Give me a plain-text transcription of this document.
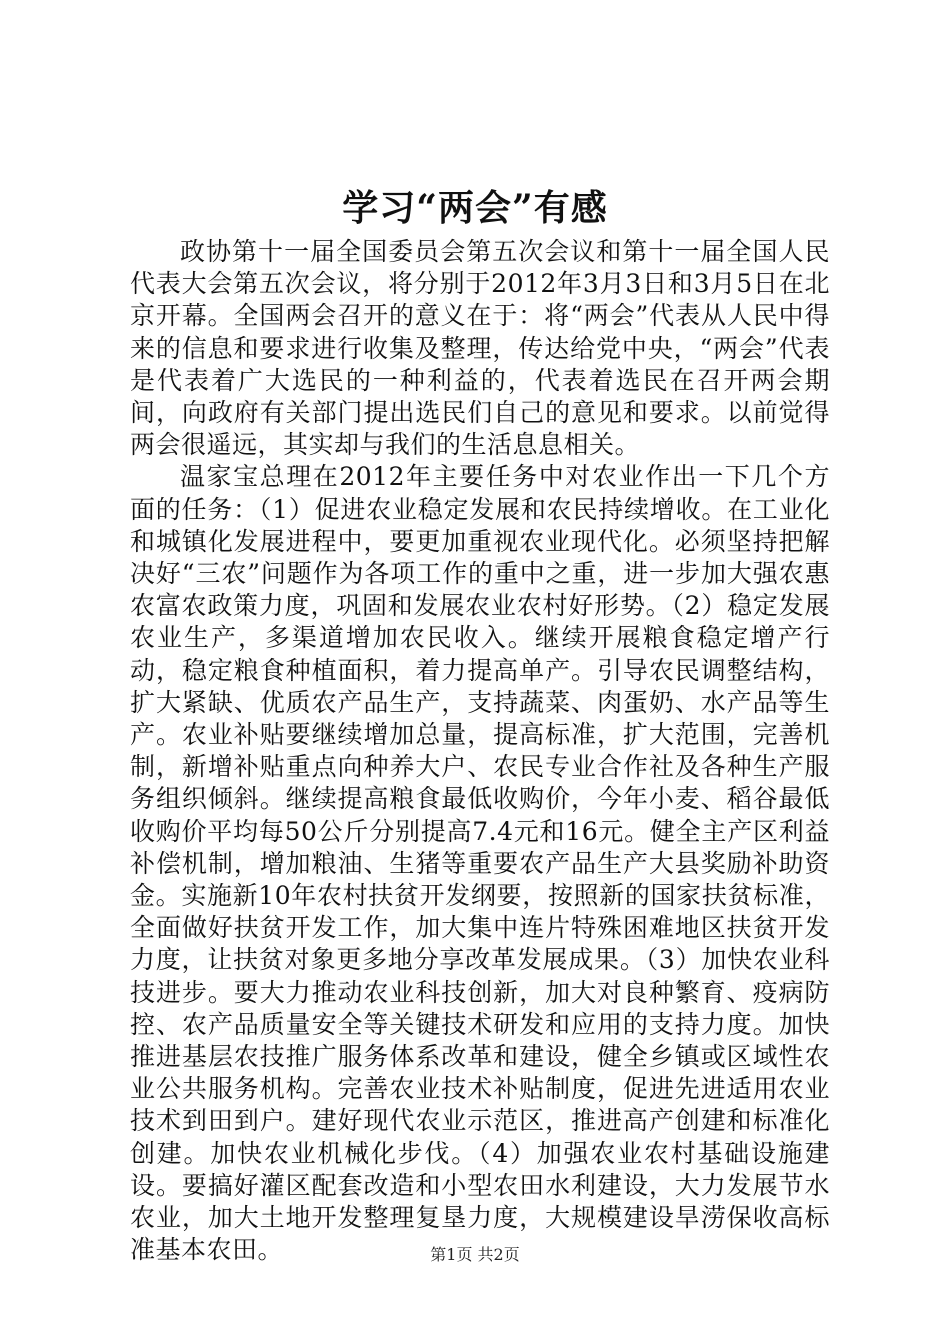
学习“两会”有感

政协第十一届全国委员会第五次会议和第十一届全国人民代表大会第五次会议，将分别于2012年3月3日和3月5日在北京开幕。全国两会召开的意义在于：将“两会”代表从人民中得来的信息和要求进行收集及整理，传达给党中央，“两会”代表是代表着广大选民的一种利益的，代表着选民在召开两会期间，向政府有关部门提出选民们自己的意见和要求。以前觉得两会很遥远，其实却与我们的生活息息相关。

温家宝总理在2012年主要任务中对农业作出一下几个方面的任务：（1）促进农业稳定发展和农民持续增收。在工业化和城镇化发展进程中，要更加重视农业现代化。必须坚持把解决好“三农”问题作为各项工作的重中之重，进一步加大强农惠农富农政策力度，巩固和发展农业农村好形势。（2）稳定发展农业生产，多渠道增加农民收入。继续开展粮食稳定增产行动，稳定粮食种植面积，着力提高单产。引导农民调整结构，扩大紧缺、优质农产品生产，支持蔬菜、肉蛋奶、水产品等生产。农业补贴要继续增加总量，提高标准，扩大范围，完善机制，新增补贴重点向种养大户、农民专业合作社及各种生产服务组织倾斜。继续提高粮食最低收购价，今年小麦、稻谷最低收购价平均每50公斤分别提高7.4元和16元。健全主产区利益补偿机制，增加粮油、生猪等重要农产品生产大县奖励补助资金。实施新10年农村扶贫开发纲要，按照新的国家扶贫标准，全面做好扶贫开发工作，加大集中连片特殊困难地区扶贫开发力度，让扶贫对象更多地分享改革发展成果。（3）加快农业科技进步。要大力推动农业科技创新，加大对良种繁育、疫病防控、农产品质量安全等关键技术研发和应用的支持力度。加快推进基层农技推广服务体系改革和建设，健全乡镇或区域性农业公共服务机构。完善农业技术补贴制度，促进先进适用农业技术到田到户。建好现代农业示范区，推进高产创建和标准化创建。加快农业机械化步伐。（4）加强农业农村基础设施建设。要搞好灌区配套改造和小型农田水利建设，大力发展节水农业，加大土地开发整理复垦力度，大规模建设旱涝保收高标准基本农田。	第1页 共2页
